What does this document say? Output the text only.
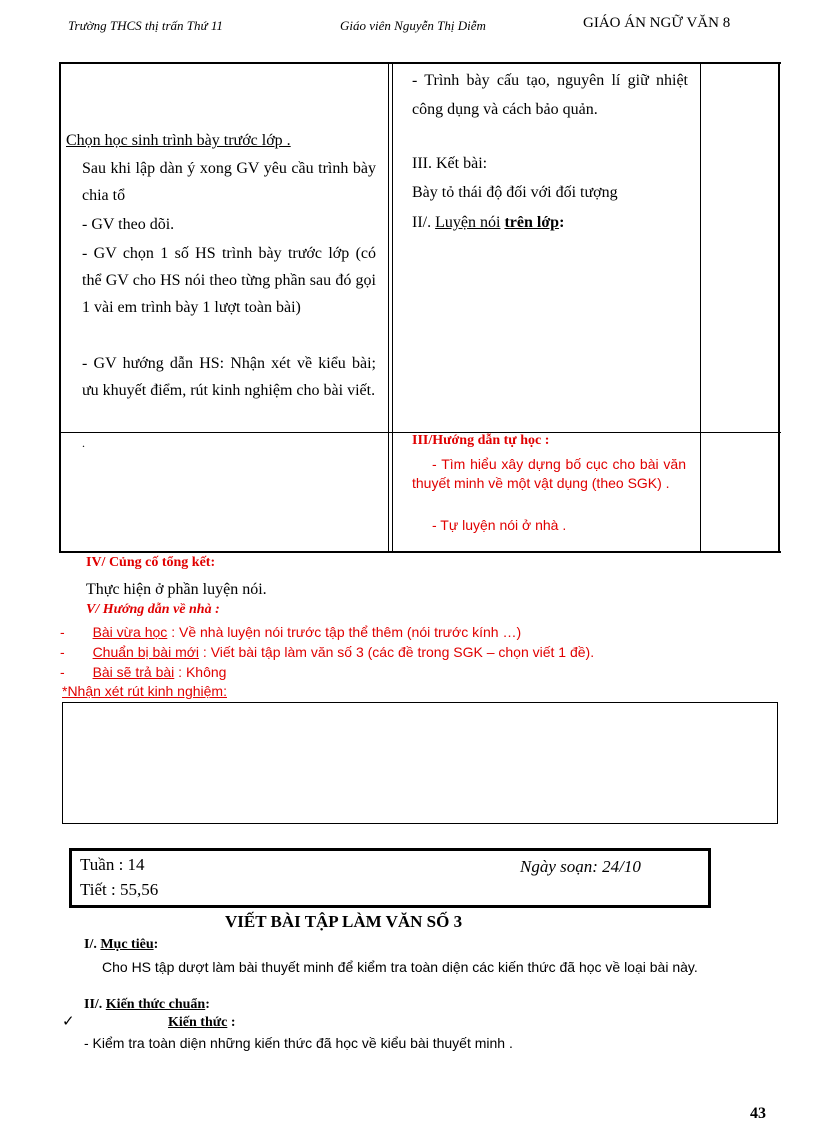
Trường THCS thị trấn Thứ 11	Giáo viên Nguyễn Thị Diễm	GIÁO ÁN NGỮ VĂN 8
Chọn học sinh trình bày trước lớp .
Sau khi lập dàn ý xong GV yêu cầu trình bày chia tổ
- GV theo dõi.
- GV chọn 1 số HS trình bày trước lớp (có thể GV cho HS nói theo từng phần sau đó gọi 1 vài em trình bày 1 lượt toàn bài)
- GV hướng dẫn HS: Nhận xét về kiểu bài; ưu khuyết điểm, rút kinh nghiệm cho bài viết.
- Trình bày cấu tạo, nguyên lí giữ nhiệt công dụng và cách bảo quản.
III. Kết bài:
Bày tỏ thái độ đối với đối tượng
II/. Luyện nói trên lớp:
.	III/Hướng dẫn tự học :
- Tìm hiểu xây dựng bố cục cho bài văn thuyết minh về một vật dụng (theo SGK) .
- Tự luyện nói ở nhà .
IV/ Củng cố tổng kết:
Thực hiện ở phần luyện nói.
V/ Hướng dẫn về nhà :
- Bài vừa học : Về nhà luyện nói trước tập thể thêm (nói trước kính …)
- Chuẩn bị bài mới : Viết bài tập làm văn số 3 (các đề trong SGK – chọn viết 1 đề).
- Bài sẽ trả bài : Không
*Nhận xét rút kinh nghiệm:
Tuần : 14
Tiết : 55,56
Ngày soạn: 24/10
VIẾT BÀI TẬP LÀM VĂN SỐ 3
I/. Mục tiêu:
Cho HS tập dượt làm bài thuyết minh để kiểm tra toàn diện các kiến thức đã học về loại bài này.
II/. Kiến thức chuẩn:
✓	Kiến thức :
- Kiểm tra toàn diện những kiến thức đã học về kiểu bài thuyết minh .
43
